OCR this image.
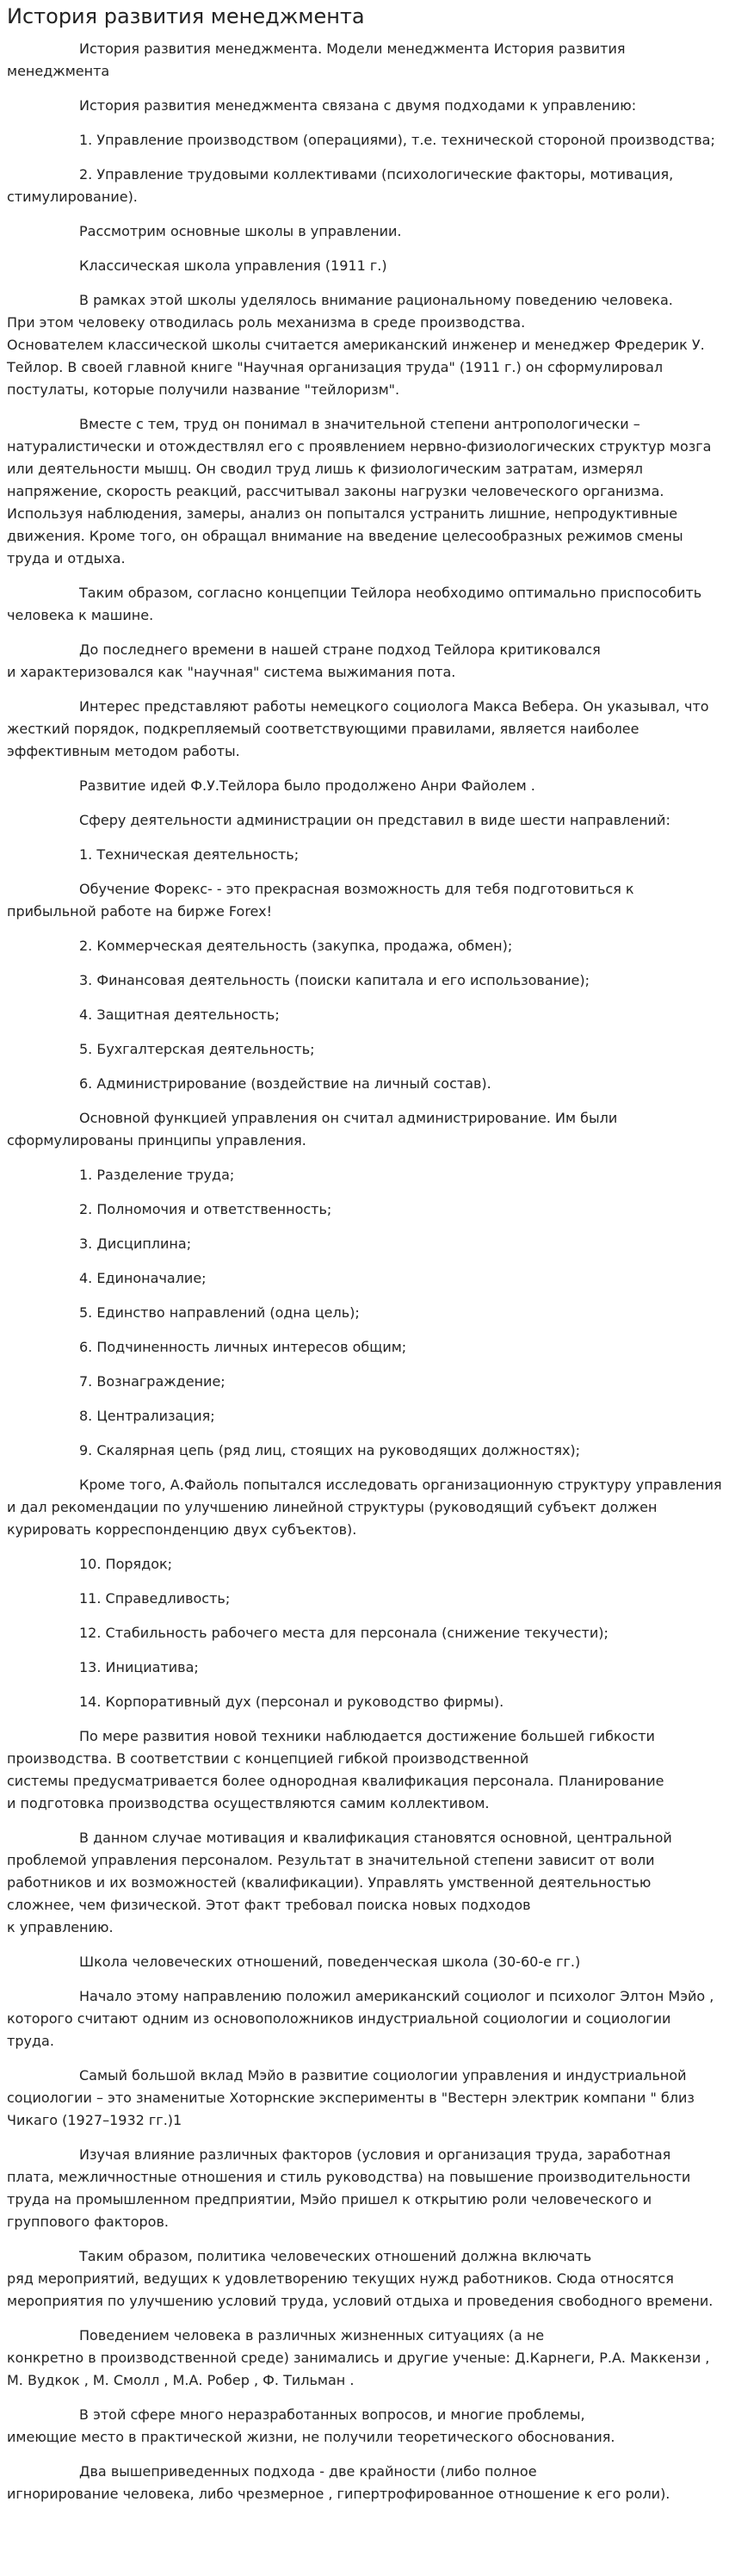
История развития менеджмента

История развития менеджмента. Модели менеджмента История развития менеджмента

История развития менеджмента связана с двумя подходами к управлению:

1. Управление производством (операциями), т.е. технической стороной производства;

2. Управление трудовыми коллективами (психологические факторы, мотивация, стимулирование).

Рассмотрим основные школы в управлении.

Классическая школа управления (1911 г.)

В рамках этой школы уделялось внимание рациональному поведению человека.
При этом человеку отводилась роль механизма в среде производства.
Основателем классической школы считается американский инженер и менеджер Фредерик У. Тейлор. В своей главной книге "Научная организация труда" (1911 г.) он сформулировал постулаты, которые получили название "тейлоризм".

Вместе с тем, труд он понимал в значительной степени антропологически –натуралистически и отождествлял его с проявлением нервно-физиологических структур мозга или деятельности мышц. Он сводил труд лишь к физиологическим затратам, измерял напряжение, скорость реакций, рассчитывал законы нагрузки человеческого организма. Используя наблюдения, замеры, анализ он попытался устранить лишние, непродуктивные движения. Кроме того, он обращал внимание на введение целесообразных режимов смены труда и отдыха.

Таким образом, согласно концепции Тейлора необходимо оптимально приспособить человека к машине.

До последнего времени в нашей стране подход Тейлора критиковался
и характеризовался как "научная" система выжимания пота.

Интерес представляют работы немецкого социолога Макса Вебера. Он указывал, что жесткий порядок, подкрепляемый соответствующими правилами, является наиболее эффективным методом работы.

Развитие идей Ф.У.Тейлора было продолжено Анри Файолем .

Сферу деятельности администрации он представил в виде шести направлений:

1. Техническая деятельность;

Обучение Форекс- - это прекрасная возможность для тебя подготовиться к прибыльной работе на бирже Forex!

2. Коммерческая деятельность (закупка, продажа, обмен);

3. Финансовая деятельность (поиски капитала и его использование);

4. Защитная деятельность;

5. Бухгалтерская деятельность;

6. Администрирование (воздействие на личный состав).

Основной функцией управления он считал администрирование. Им были сформулированы принципы управления.

1. Разделение труда;

2. Полномочия и ответственность;

3. Дисциплина;

4. Единоначалие;

5. Единство направлений (одна цель);

6. Подчиненность личных интересов общим;

7. Вознаграждение;

8. Централизация;

9. Скалярная цепь (ряд лиц, стоящих на руководящих должностях);

Кроме того, А.Файоль попытался исследовать организационную структуру управления и дал рекомендации по улучшению линейной структуры (руководящий субъект должен курировать корреспонденцию двух субъектов).

10. Порядок;

11. Справедливость;

12. Стабильность рабочего места для персонала (снижение текучести);

13. Инициатива;

14. Корпоративный дух (персонал и руководство фирмы).

По мере развития новой техники наблюдается достижение большей гибкости производства. В соответствии с концепцией гибкой производственной
системы предусматривается более однородная квалификация персонала. Планирование
и подготовка производства осуществляются самим коллективом.

В данном случае мотивация и квалификация становятся основной, центральной проблемой управления персоналом. Результат в значительной степени зависит от воли работников и их возможностей (квалификации). Управлять умственной деятельностью сложнее, чем физической. Этот факт требовал поиска новых подходов
к управлению.

Школа человеческих отношений, поведенческая школа (30-60-е гг.)

Начало этому направлению положил американский социолог и психолог Элтон Мэйо , которого считают одним из основоположников индустриальной социологии и социологии труда.

Самый большой вклад Мэйо в развитие социологии управления и индустриальной социологии – это знаменитые Хоторнские эксперименты в "Вестерн электрик компани " близ Чикаго (1927–1932 гг.)1

Изучая влияние различных факторов (условия и организация труда, заработная плата, межличностные отношения и стиль руководства) на повышение производительности труда на промышленном предприятии, Мэйо пришел к открытию роли человеческого и группового факторов.

Таким образом, политика человеческих отношений должна включать
ряд мероприятий, ведущих к удовлетворению текущих нужд работников. Сюда относятся мероприятия по улучшению условий труда, условий отдыха и проведения свободного времени.

Поведением человека в различных жизненных ситуациях (а не
конкретно в производственной среде) занимались и другие ученые: Д.Карнеги, Р.А. Маккензи , М. Вудкок , М. Смолл , М.А. Робер , Ф. Тильман .

В этой сфере много неразработанных вопросов, и многие проблемы,
имеющие место в практической жизни, не получили теоретического обоснования.

Два вышеприведенных подхода - две крайности (либо полное
игнорирование человека, либо чрезмерное , гипертрофированное отношение к его роли).
